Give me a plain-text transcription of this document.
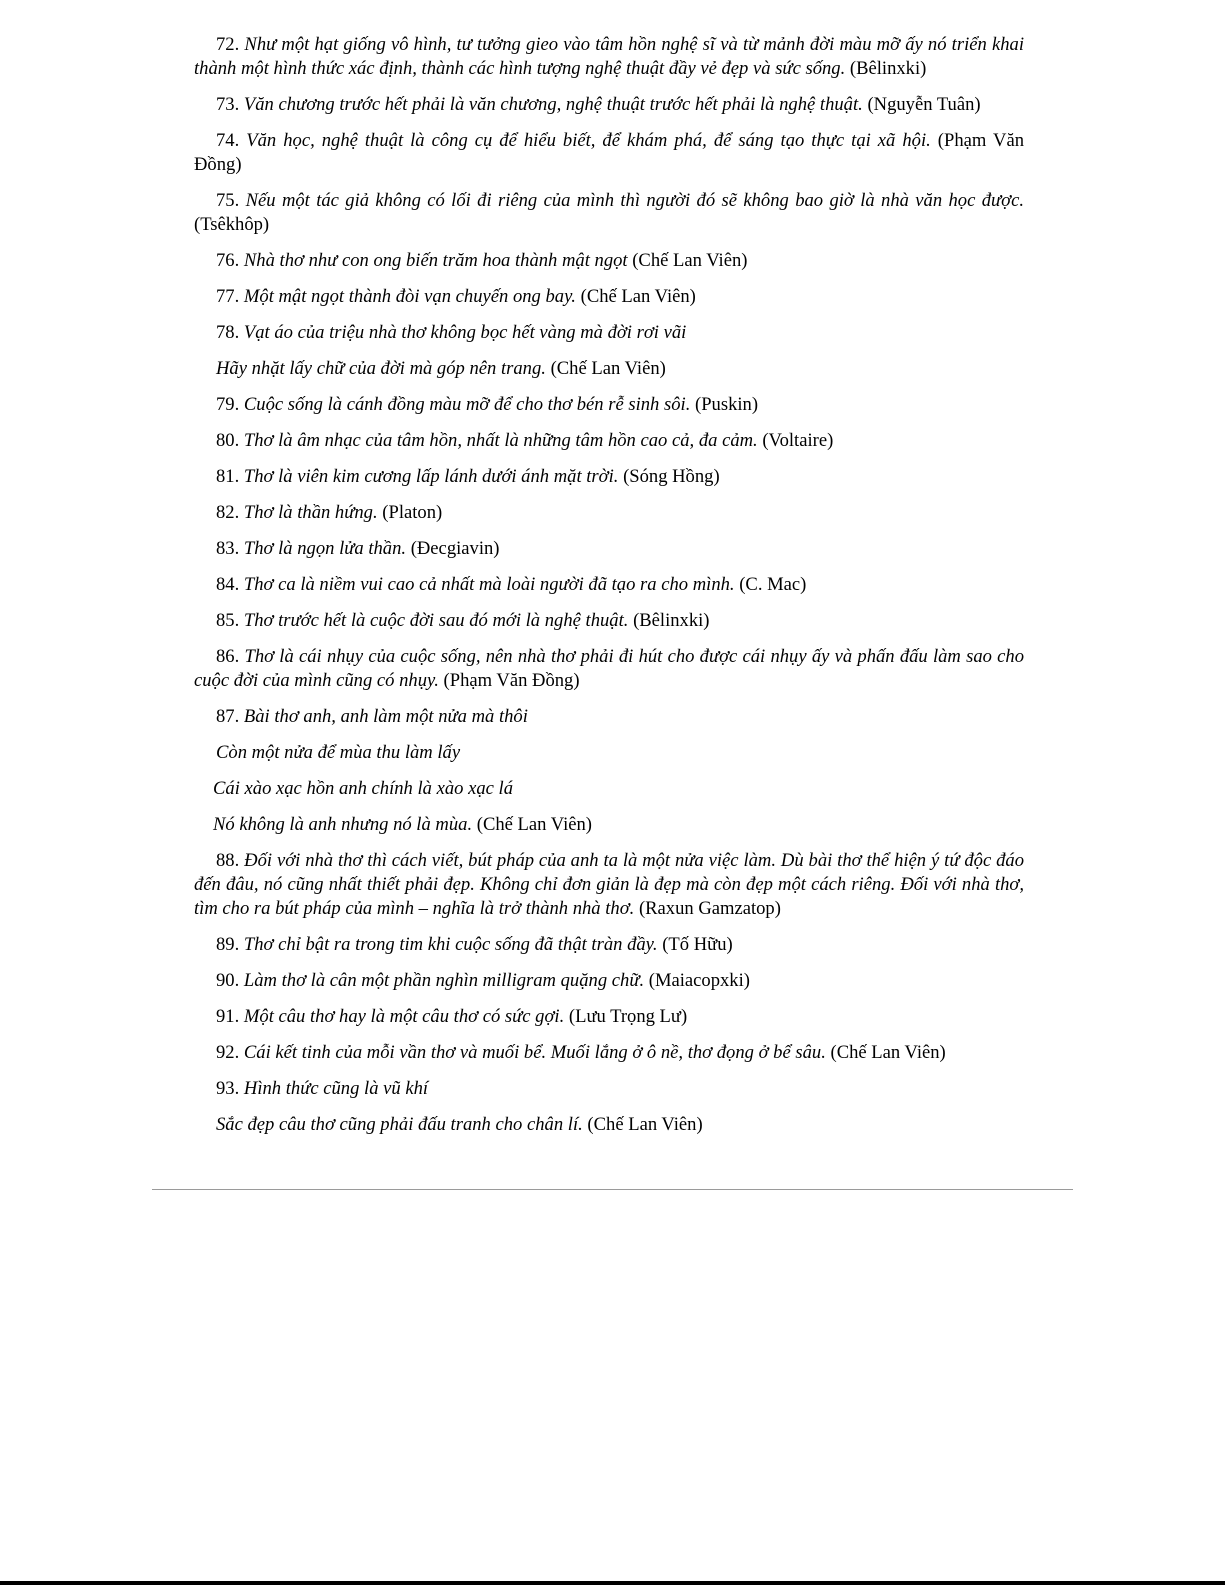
72. Như một hạt giống vô hình, tư tưởng gieo vào tâm hồn nghệ sĩ và từ mảnh đời màu mỡ ấy nó triển khai thành một hình thức xác định, thành các hình tượng nghệ thuật đầy vẻ đẹp và sức sống. (Bêlinxki)

73. Văn chương trước hết phải là văn chương, nghệ thuật trước hết phải là nghệ thuật. (Nguyễn Tuân)

74. Văn học, nghệ thuật là công cụ để hiểu biết, để khám phá, để sáng tạo thực tại xã hội. (Phạm Văn Đồng)

75. Nếu một tác giả không có lối đi riêng của mình thì người đó sẽ không bao giờ là nhà văn học được. (Tsêkhôp)

76. Nhà thơ như con ong biến trăm hoa thành mật ngọt (Chế Lan Viên)

77. Một mật ngọt thành đòi vạn chuyến ong bay. (Chế Lan Viên)

78. Vạt áo của triệu nhà thơ không bọc hết vàng mà đời rơi vãi

Hãy nhặt lấy chữ của đời mà góp nên trang. (Chế Lan Viên)

79. Cuộc sống là cánh đồng màu mỡ để cho thơ bén rễ sinh sôi. (Puskin)

80. Thơ là âm nhạc của tâm hồn, nhất là những tâm hồn cao cả, đa cảm. (Voltaire)

81. Thơ là viên kim cương lấp lánh dưới ánh mặt trời. (Sóng Hồng)

82. Thơ là thần hứng. (Platon)

83. Thơ là ngọn lửa thần. (Đecgiavin)

84. Thơ ca là niềm vui cao cả nhất mà loài người đã tạo ra cho mình. (C. Mac)

85. Thơ trước hết là cuộc đời sau đó mới là nghệ thuật. (Bêlinxki)

86. Thơ là cái nhụy của cuộc sống, nên nhà thơ phải đi hút cho được cái nhụy ấy và phấn đấu làm sao cho cuộc đời của mình cũng có nhụy. (Phạm Văn Đồng)

87. Bài thơ anh, anh làm một nửa mà thôi

Còn một nửa để mùa thu làm lấy

Cái xào xạc hồn anh chính là xào xạc lá

Nó không là anh nhưng nó là mùa. (Chế Lan Viên)

88. Đối với nhà thơ thì cách viết, bút pháp của anh ta là một nửa việc làm. Dù bài thơ thể hiện ý tứ độc đáo đến đâu, nó cũng nhất thiết phải đẹp. Không chỉ đơn giản là đẹp mà còn đẹp một cách riêng. Đối với nhà thơ, tìm cho ra bút pháp của mình – nghĩa là trở thành nhà thơ. (Raxun Gamzatop)

89. Thơ chỉ bật ra trong tim khi cuộc sống đã thật tràn đầy. (Tố Hữu)

90. Làm thơ là cân một phần nghìn milligram quặng chữ. (Maiacopxki)

91. Một câu thơ hay là một câu thơ có sức gợi. (Lưu Trọng Lư)

92. Cái kết tinh của mỗi vần thơ và muối bể. Muối lắng ở ô nề, thơ đọng ở bể sâu. (Chế Lan Viên)

93. Hình thức cũng là vũ khí

Sắc đẹp câu thơ cũng phải đấu tranh cho chân lí. (Chế Lan Viên)
